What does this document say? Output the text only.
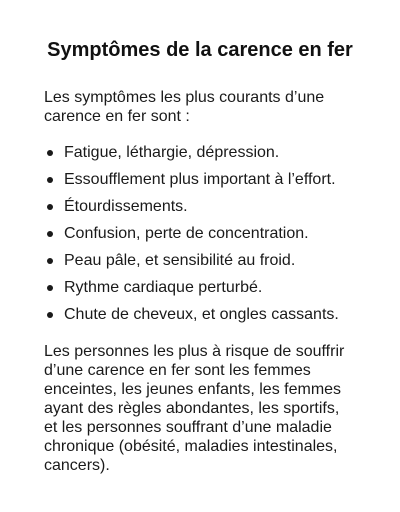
Symptômes de la carence en fer

Les symptômes les plus courants d’une carence en fer sont :

Fatigue, léthargie, dépression.
Essoufflement plus important à l’effort.
Étourdissements.
Confusion, perte de concentration.
Peau pâle, et sensibilité au froid.
Rythme cardiaque perturbé.
Chute de cheveux, et ongles cassants.

Les personnes les plus à risque de souffrir d’une carence en fer sont les femmes enceintes, les jeunes enfants, les femmes ayant des règles abondantes, les sportifs, et les personnes souffrant d’une maladie chronique (obésité, maladies intestinales, cancers).
